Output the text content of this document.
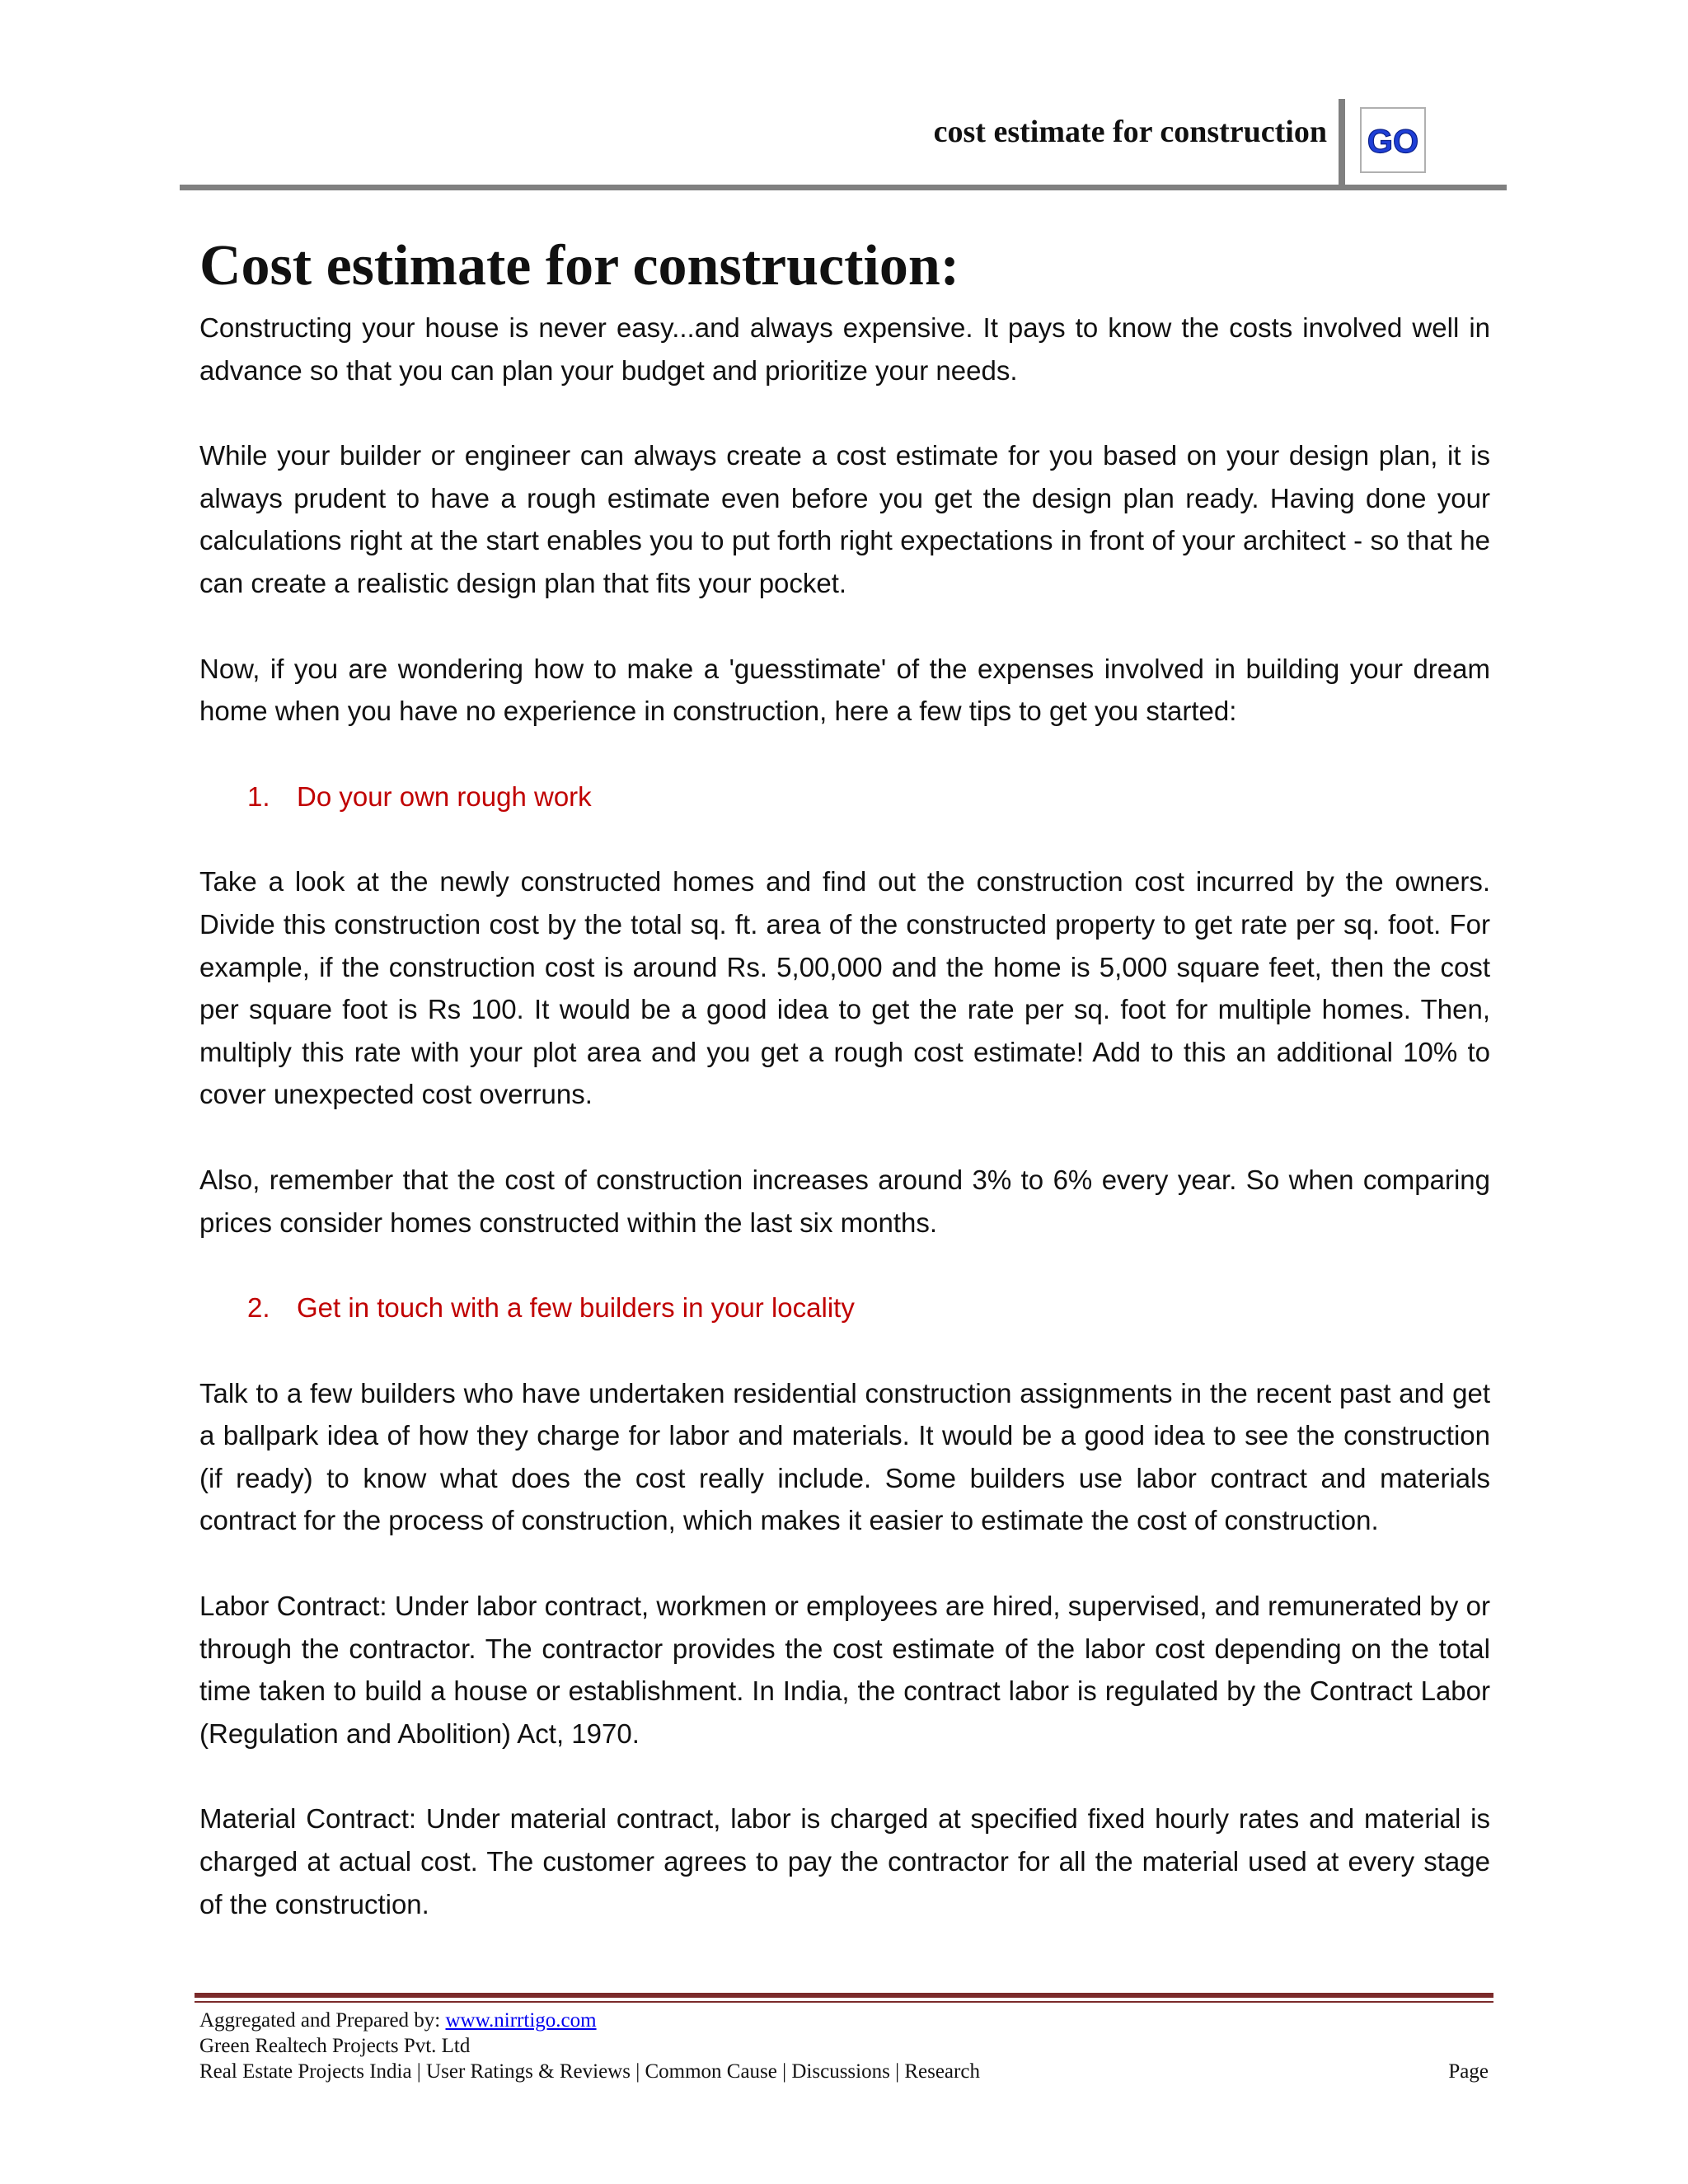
cost estimate for construction GO
Cost estimate for construction:

Constructing your house is never easy...and always expensive. It pays to know the costs involved well in advance so that you can plan your budget and prioritize your needs.

While your builder or engineer can always create a cost estimate for you based on your design plan, it is always prudent to have a rough estimate even before you get the design plan ready. Having done your calculations right at the start enables you to put forth right expectations in front of your architect - so that he can create a realistic design plan that fits your pocket.

Now, if you are wondering how to make a 'guesstimate' of the expenses involved in building your dream home when you have no experience in construction, here a few tips to get you started:

1. Do your own rough work

Take a look at the newly constructed homes and find out the construction cost incurred by the owners. Divide this construction cost by the total sq. ft. area of the constructed property to get rate per sq. foot. For example, if the construction cost is around Rs. 5,00,000 and the home is 5,000 square feet, then the cost per square foot is Rs 100. It would be a good idea to get the rate per sq. foot for multiple homes. Then, multiply this rate with your plot area and you get a rough cost estimate! Add to this an additional 10% to cover unexpected cost overruns.

Also, remember that the cost of construction increases around 3% to 6% every year. So when comparing prices consider homes constructed within the last six months.

2. Get in touch with a few builders in your locality

Talk to a few builders who have undertaken residential construction assignments in the recent past and get a ballpark idea of how they charge for labor and materials. It would be a good idea to see the construction (if ready) to know what does the cost really include. Some builders use labor contract and materials contract for the process of construction, which makes it easier to estimate the cost of construction.

Labor Contract: Under labor contract, workmen or employees are hired, supervised, and remunerated by or through the contractor. The contractor provides the cost estimate of the labor cost depending on the total time taken to build a house or establishment. In India, the contract labor is regulated by the Contract Labor (Regulation and Abolition) Act, 1970.

Material Contract: Under material contract, labor is charged at specified fixed hourly rates and material is charged at actual cost. The customer agrees to pay the contractor for all the material used at every stage of the construction.

Aggregated and Prepared by: www.nirrtigo.com
Green Realtech Projects Pvt. Ltd
Real Estate Projects India | User Ratings & Reviews | Common Cause | Discussions | Research	Page
